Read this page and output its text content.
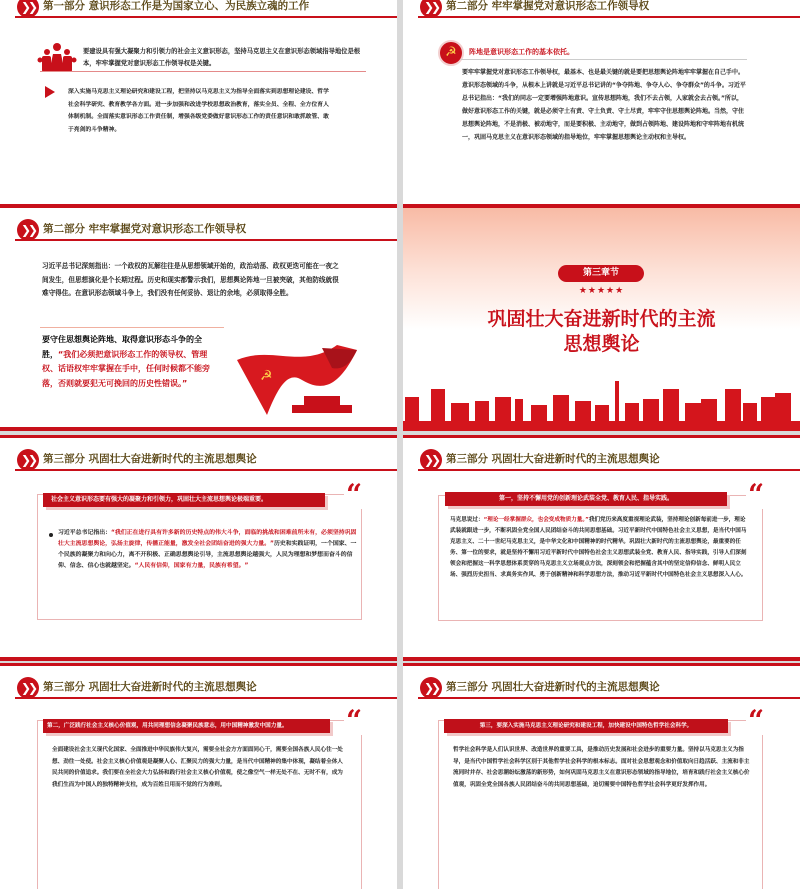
❯❯ 第一部分 意识形态工作是为国家立心、为民族立魂的工作
要建设具有强大凝聚力和引领力的社会主义意识形态，坚持马克思主义在意识形态领域指导地位是根本，牢牢掌握党对意识形态工作领导权是关键。
深入实施马克思主义理论研究和建设工程，把坚持以马克思主义为指导全面落实到思想理论建设、哲学社会科学研究、教育教学各方面。进一步加强和改进学校思想政治教育，落实全员、全程、全方位育人体制机制。全面落实意识形态工作责任制，增强各级党委做好意识形态工作的责任意识和敢抓敢管、敢于亮剑的斗争精神。
❯❯ 第二部分 牢牢掌握党对意识形态工作领导权
☭	阵地是意识形态工作的基本依托。
要牢牢掌握党对意识形态工作领导权，最基本、也是最关键的就是要把思想舆论阵地牢牢掌握在自己手中。意识形态领域的斗争，从根本上讲就是习近平总书记讲的“争夺阵地、争夺人心、争夺群众”的斗争。习近平总书记指出：“我们的同志一定要增强阵地意识。宣传思想阵地，我们不去占领，人家就会去占领。”所以，做好意识形态工作的关键，就是必须守土有责、守土负责、守土尽责，牢牢守住思想舆论阵地。当然，守住思想舆论阵地，不是消极、被动地守，而是要积极、主动地守，做到占领阵地、建设阵地和守牢阵地有机统一，巩固马克思主义在意识形态领域的指导地位，牢牢掌握思想舆论主动权和主导权。
❯❯ 第二部分 牢牢掌握党对意识形态工作领导权
习近平总书记深刻指出：一个政权的瓦解往往是从思想领域开始的，政治动荡、政权更迭可能在一夜之间发生，但思想演化是个长期过程。历史和现实都警示我们，思想舆论阵地一旦被突破，其他防线就很难守得住。在意识形态领域斗争上，我们没有任何妥协、退让的余地，必须取得全胜。
要守住思想舆论阵地、取得意识形态斗争的全胜，“我们必须把意识形态工作的领导权、管理权、话语权牢牢掌握在手中，任何时候都不能旁落，否则就要犯无可挽回的历史性错误。”	☭
第三章节
★★★★★
巩固壮大奋进新时代的主流
思想舆论
❯❯ 第三部分 巩固壮大奋进新时代的主流思想舆论
“
社会主义意识形态要有强大的凝聚力和引领力，巩固壮大主流思想舆论极端重要。
习近平总书记指出：“我们正在进行具有许多新的历史特点的伟大斗争，面临的挑战和困难前所未有，必须坚持巩固壮大主流思想舆论，弘扬主旋律，传播正能量，激发全社会团结奋进的强大力量。”历史和实践证明，一个国家、一个民族的凝聚力和向心力，离不开积极、正确思想舆论引导，主流思想舆论越强大，人民为理想和梦想而奋斗的信仰、信念、信心也就越坚定。“人民有信仰，国家有力量，民族有希望。”
❯❯ 第三部分 巩固壮大奋进新时代的主流思想舆论
“
第一，坚持不懈用党的创新理论武装全党、教育人民、指导实践。
马克思说过：“理论一经掌握群众，也会变成物质力量。”我们党历来高度重视理论武装，坚持理论创新每前进一步，理论武装就跟进一步，不断巩固全党全国人民团结奋斗的共同思想基础。习近平新时代中国特色社会主义思想，是当代中国马克思主义、二十一世纪马克思主义，是中华文化和中国精神的时代精华。巩固壮大新时代的主流思想舆论，最重要的任务、第一位的要求，就是坚持不懈用习近平新时代中国特色社会主义思想武装全党、教育人民、指导实践，引导人们深刻领会和把握这一科学思想体系贯穿的马克思主义立场观点方法，深刻领会和把握蕴含其中的坚定信仰信念、鲜明人民立场、强烈历史担当、求真务实作风、勇于创新精神和科学思想方法，推动习近平新时代中国特色社会主义思想深入人心。
❯❯ 第三部分 巩固壮大奋进新时代的主流思想舆论
“
第二，广泛践行社会主义核心价值观，用共同理想信念凝聚民族意志，用中国精神激发中国力量。
全面建设社会主义现代化国家、全面推进中华民族伟大复兴，需要全社会方方面面同心干，需要全国各族人民心往一处想、劲往一处使。社会主义核心价值观是凝聚人心、汇聚民力的强大力量，是当代中国精神的集中体现，凝结着全体人民共同的价值追求。我们要在全社会大力弘扬和践行社会主义核心价值观，使之像空气一样无处不在、无时不有，成为我们生而为中国人的独特精神支柱，成为百姓日用而不觉的行为准则。
❯❯ 第三部分 巩固壮大奋进新时代的主流思想舆论
“
第三，要深入实施马克思主义理论研究和建设工程，加快建设中国特色哲学社会科学。
哲学社会科学是人们认识世界、改造世界的重要工具，是推动历史发展和社会进步的重要力量。坚持以马克思主义为指导，是当代中国哲学社会科学区别于其他哲学社会科学的根本标志。面对社会思想观念和价值取向日趋活跃、主流和非主流同时并存、社会思潮纷纭激荡的新形势，如何巩固马克思主义在意识形态领域的指导地位，培育和践行社会主义核心价值观，巩固全党全国各族人民团结奋斗的共同思想基础，迫切需要中国特色哲学社会科学更好发挥作用。
